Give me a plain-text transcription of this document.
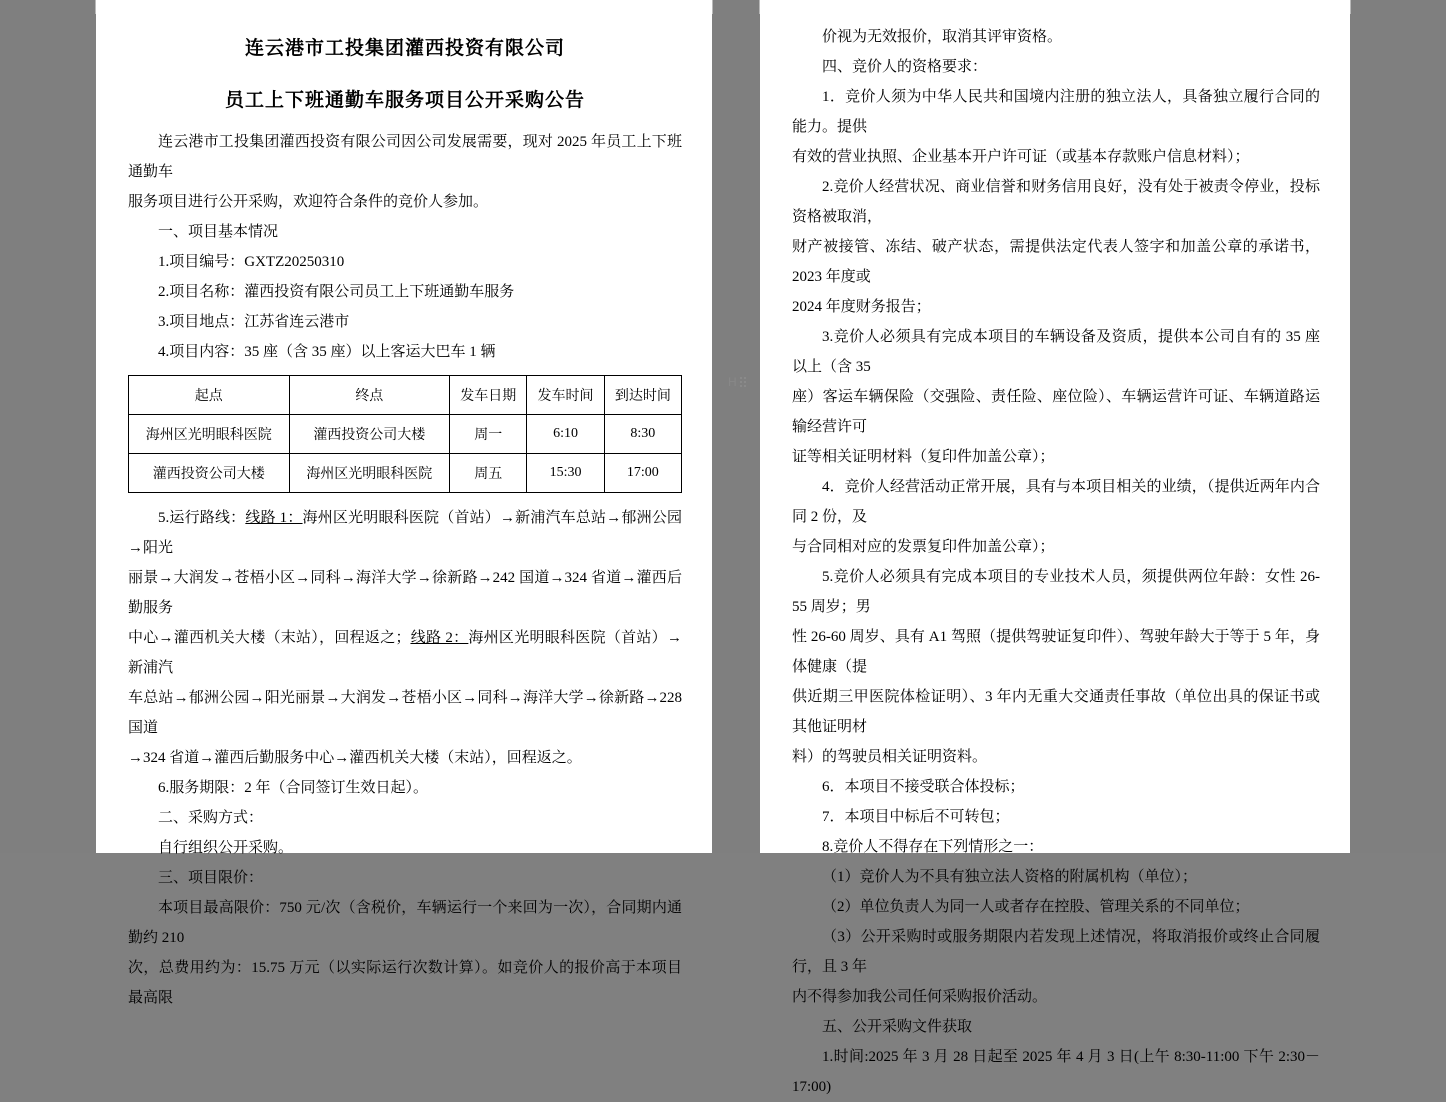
连云港市工投集团灌西投资有限公司

员工上下班通勤车服务项目公开采购公告

连云港市工投集团灌西投资有限公司因公司发展需要，现对 2025 年员工上下班通勤车

服务项目进行公开采购，欢迎符合条件的竞价人参加。

一、项目基本情况

1.项目编号：GXTZ20250310

2.项目名称：灌西投资有限公司员工上下班通勤车服务

3.项目地点：江苏省连云港市

4.项目内容：35 座（含 35 座）以上客运大巴车 1 辆

起点	终点	发车日期	发车时间	到达时间
海州区光明眼科医院	灌西投资公司大楼	周一	6:10	8:30
灌西投资公司大楼	海州区光明眼科医院	周五	15:30	17:00

5.运行路线：线路 1：海州区光明眼科医院（首站）→新浦汽车总站→郁洲公园→阳光

丽景→大润发→苍梧小区→同科→海洋大学→徐新路→242 国道→324 省道→灌西后勤服务

中心→灌西机关大楼（末站），回程返之；线路 2：海州区光明眼科医院（首站）→新浦汽

车总站→郁洲公园→阳光丽景→大润发→苍梧小区→同科→海洋大学→徐新路→228 国道

→324 省道→灌西后勤服务中心→灌西机关大楼（末站），回程返之。

6.服务期限：2 年（合同签订生效日起）。

二、采购方式：

自行组织公开采购。

三、项目限价：

本项目最高限价：750 元/次（含税价，车辆运行一个来回为一次），合同期内通勤约 210

次，总费用约为：15.75 万元（以实际运行次数计算）。如竞价人的报价高于本项目最高限

H

价视为无效报价，取消其评审资格。

四、竞价人的资格要求：

1．竞价人须为中华人民共和国境内注册的独立法人，具备独立履行合同的能力。提供

有效的营业执照、企业基本开户许可证（或基本存款账户信息材料）；

2.竞价人经营状况、商业信誉和财务信用良好，没有处于被责令停业，投标资格被取消，

财产被接管、冻结、破产状态，需提供法定代表人签字和加盖公章的承诺书，2023 年度或

2024 年度财务报告；

3.竞价人必须具有完成本项目的车辆设备及资质，提供本公司自有的 35 座以上（含 35

座）客运车辆保险（交强险、责任险、座位险）、车辆运营许可证、车辆道路运输经营许可

证等相关证明材料（复印件加盖公章）；

4．竞价人经营活动正常开展，具有与本项目相关的业绩，（提供近两年内合同 2 份，及

与合同相对应的发票复印件加盖公章）；

5.竞价人必须具有完成本项目的专业技术人员，须提供两位年龄：女性 26-55 周岁；男

性 26-60 周岁、具有 A1 驾照（提供驾驶证复印件）、驾驶年龄大于等于 5 年，身体健康（提

供近期三甲医院体检证明）、3 年内无重大交通责任事故（单位出具的保证书或其他证明材

料）的驾驶员相关证明资料。

6．本项目不接受联合体投标；

7．本项目中标后不可转包；

8.竞价人不得存在下列情形之一：

（1）竞价人为不具有独立法人资格的附属机构（单位）；

（2）单位负责人为同一人或者存在控股、管理关系的不同单位；

（3）公开采购时或服务期限内若发现上述情况，将取消报价或终止合同履行，且 3 年

内不得参加我公司任何采购报价活动。

五、公开采购文件获取

1.时间:2025 年 3 月 28 日起至 2025 年 4 月 3 日(上午 8:30-11:00 下午 2:30－17:00)
